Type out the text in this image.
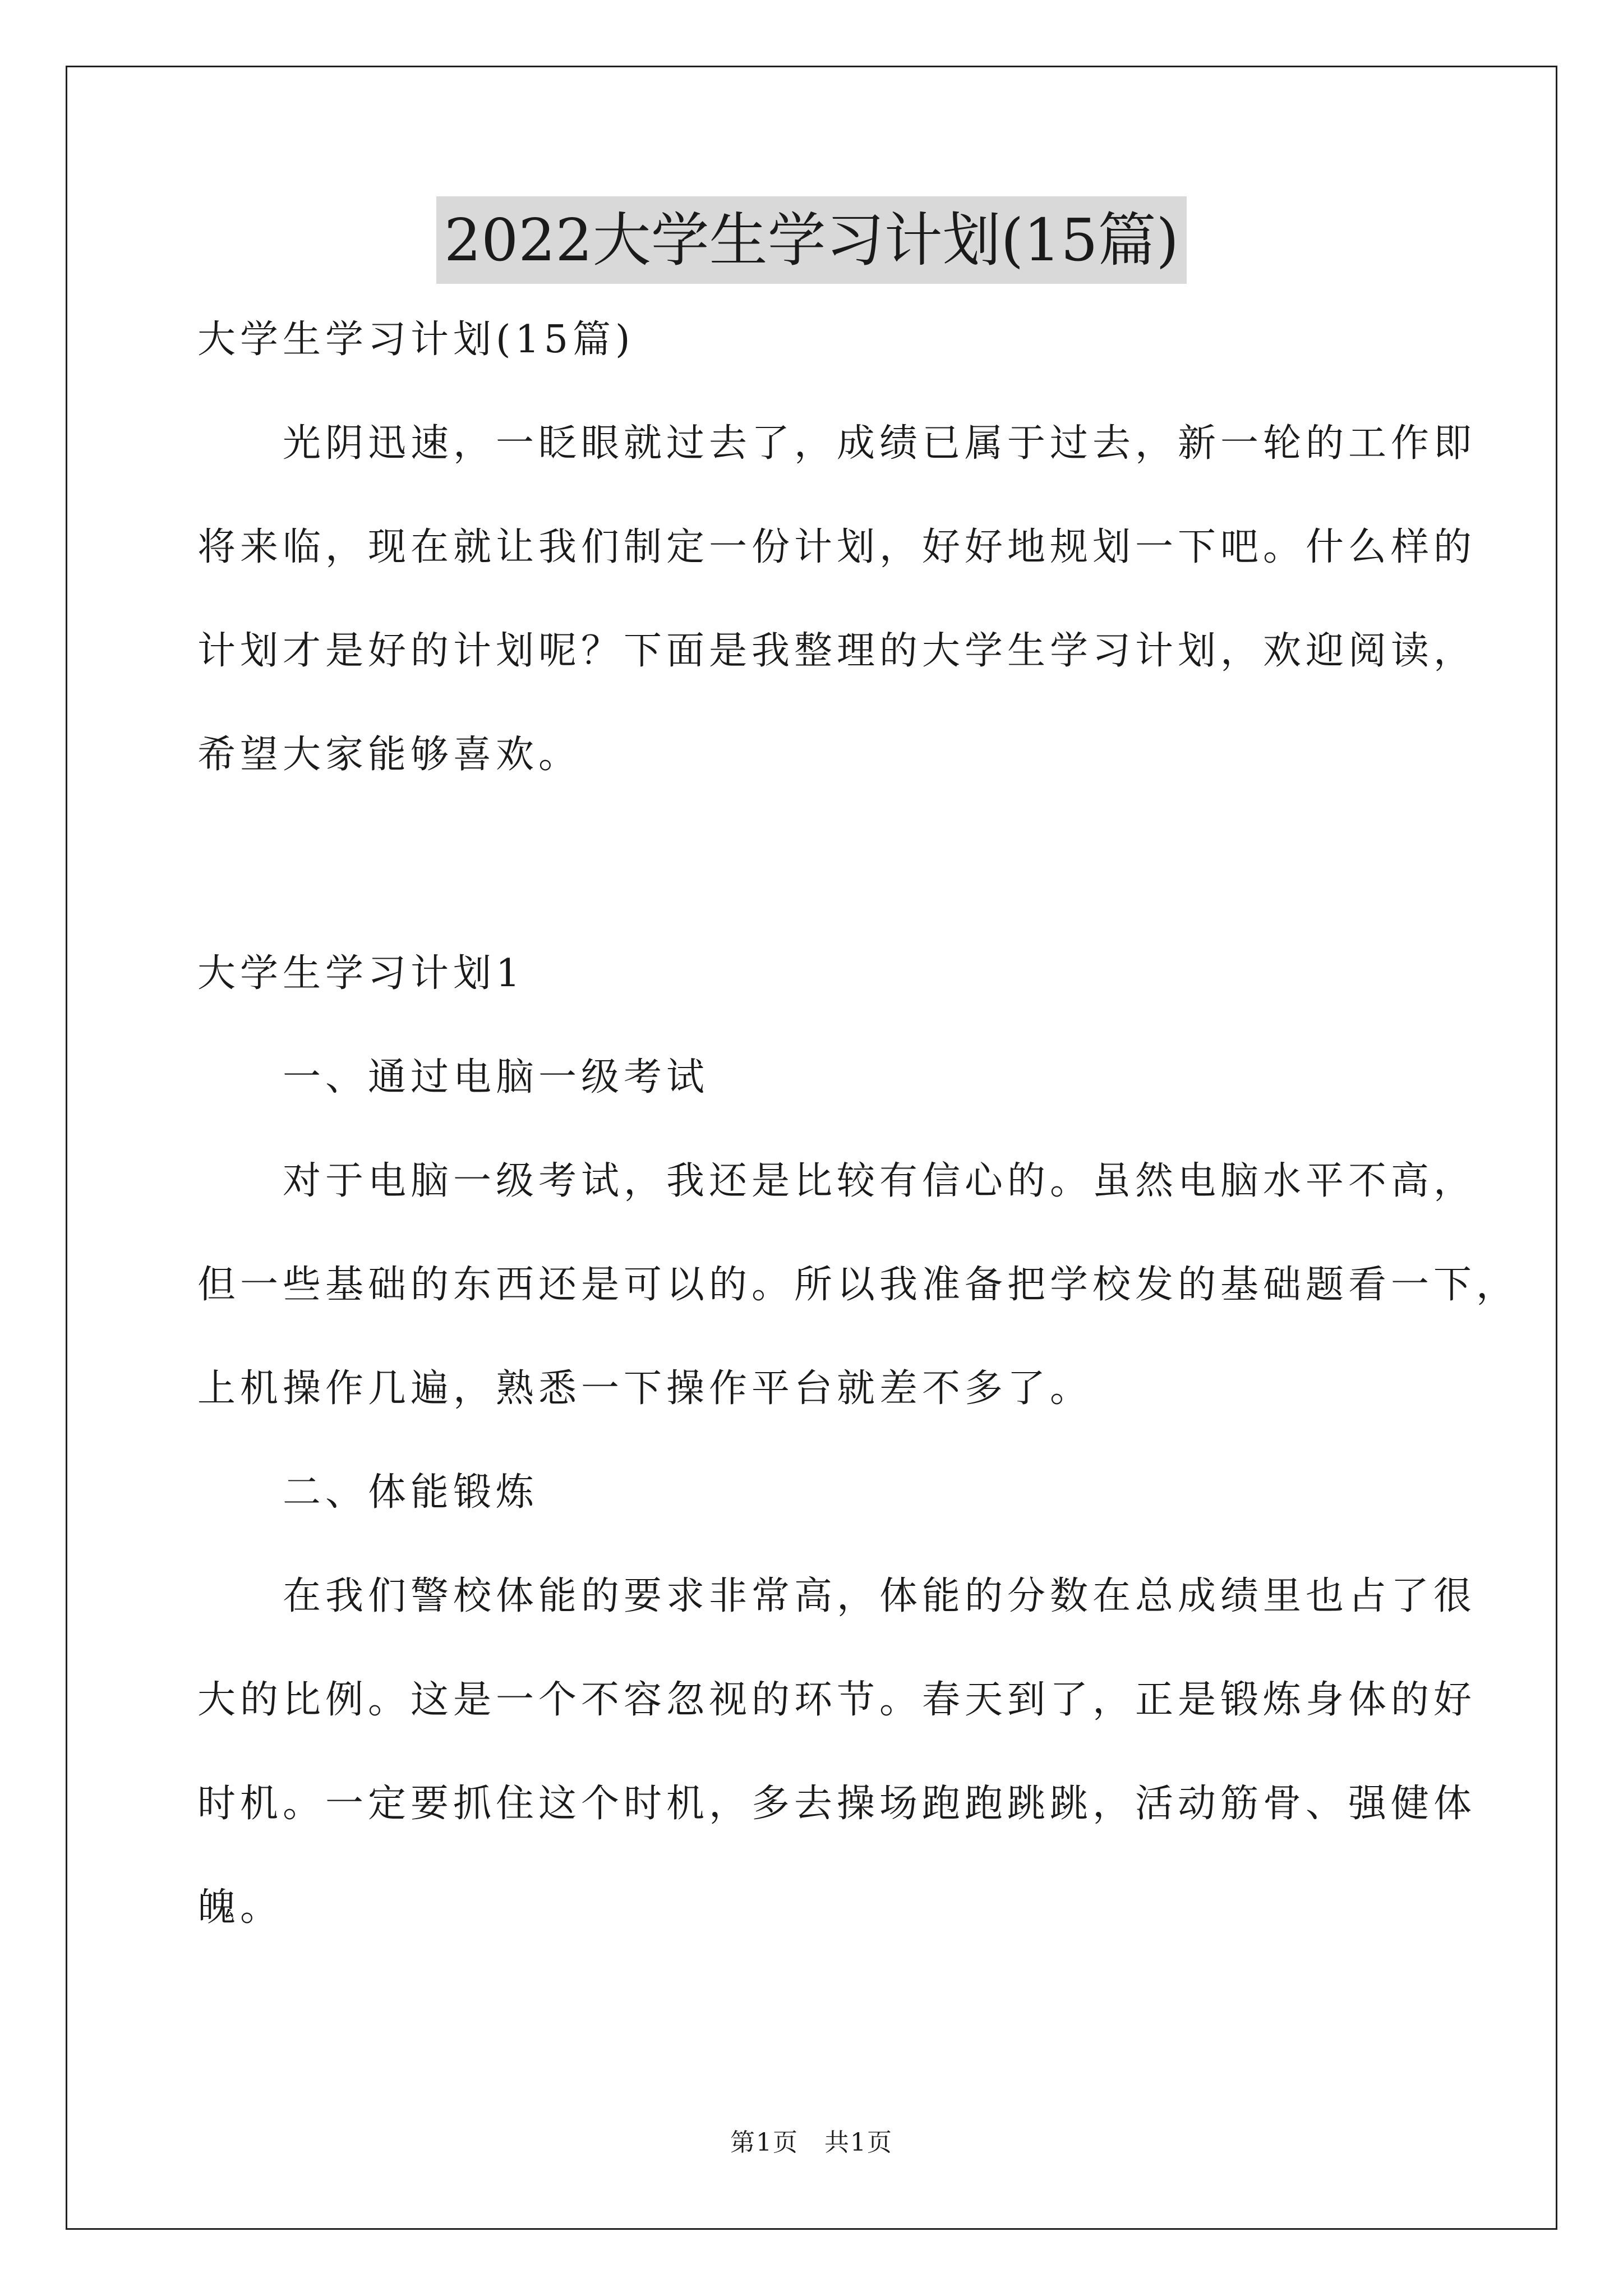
2022大学生学习计划(15篇)
大学生学习计划(15篇)
　　光阴迅速，一眨眼就过去了，成绩已属于过去，新一轮的工作即
将来临，现在就让我们制定一份计划，好好地规划一下吧。什么样的
计划才是好的计划呢？下面是我整理的大学生学习计划，欢迎阅读，
希望大家能够喜欢。
大学生学习计划1
　　一、通过电脑一级考试
　　对于电脑一级考试，我还是比较有信心的。虽然电脑水平不高，
但一些基础的东西还是可以的。所以我准备把学校发的基础题看一下，
上机操作几遍，熟悉一下操作平台就差不多了。
　　二、体能锻炼
　　在我们警校体能的要求非常高，体能的分数在总成绩里也占了很
大的比例。这是一个不容忽视的环节。春天到了，正是锻炼身体的好
时机。一定要抓住这个时机，多去操场跑跑跳跳，活动筋骨、强健体
魄。
第1页　共1页
